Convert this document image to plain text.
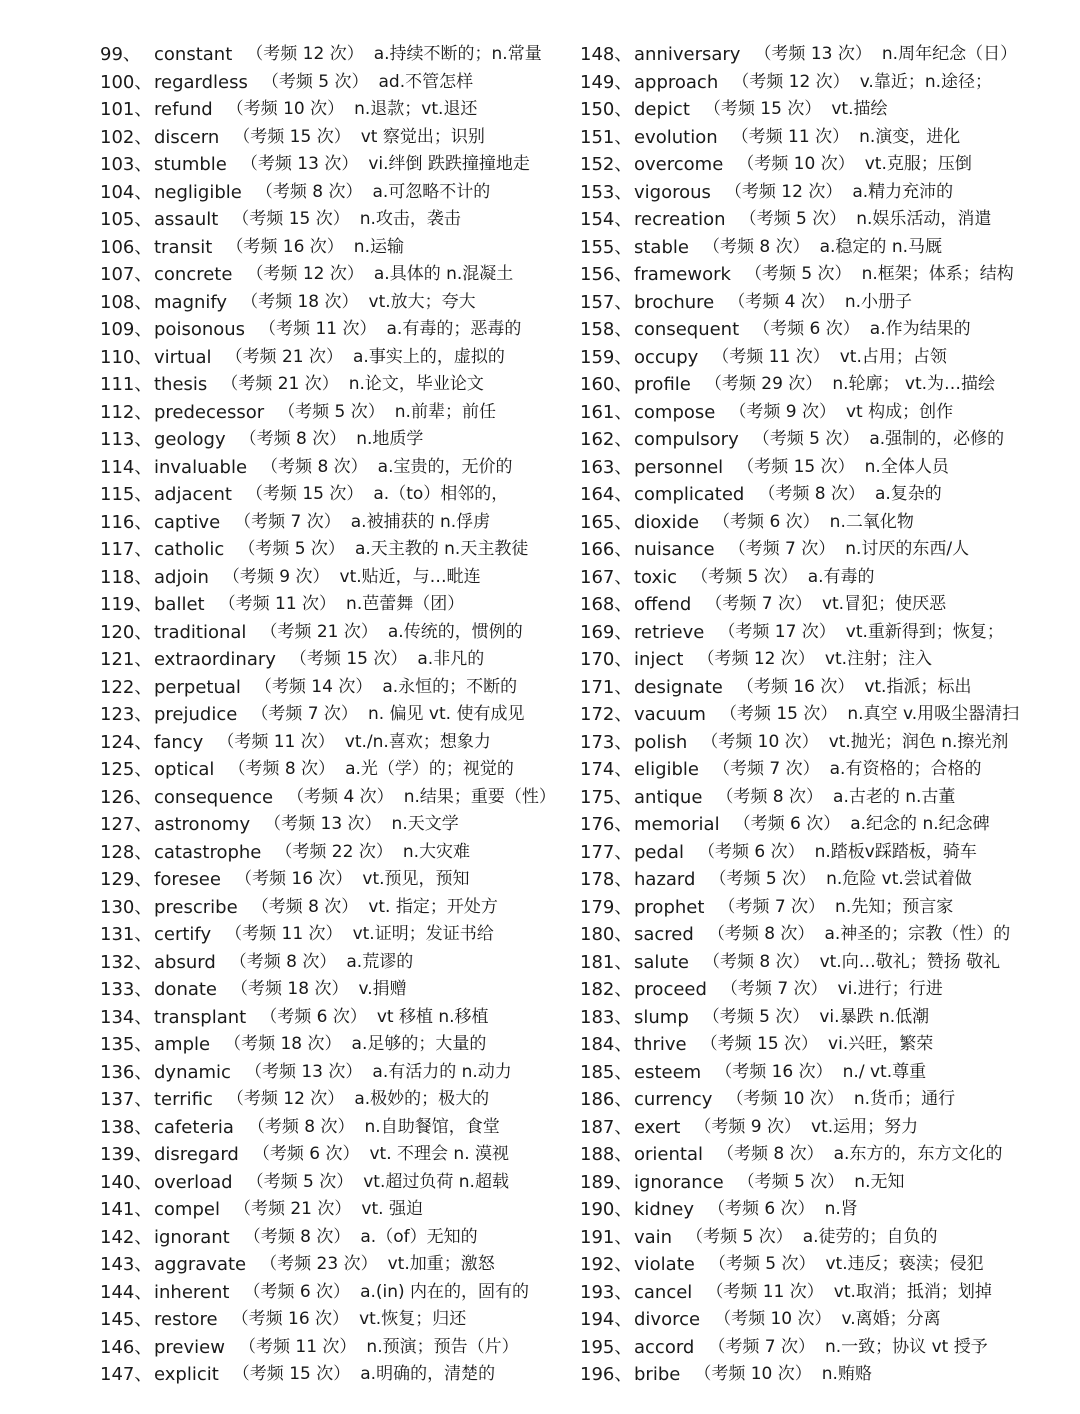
99、 constant （考频 12 次） a.持续不断的；n.常量
100、 regardless （考频 5 次） ad.不管怎样
101、 refund （考频 10 次） n.退款；vt.退还
102、 discern （考频 15 次） vt 察觉出；识别
103、 stumble （考频 13 次） vi.绊倒 跌跌撞撞地走
104、 negligible （考频 8 次） a.可忽略不计的
105、 assault （考频 15 次） n.攻击，袭击
106、 transit （考频 16 次） n.运输
107、 concrete （考频 12 次） a.具体的 n.混凝土
108、 magnify （考频 18 次） vt.放大；夸大
109、 poisonous （考频 11 次） a.有毒的；恶毒的
110、 virtual （考频 21 次） a.事实上的，虚拟的
111、 thesis （考频 21 次） n.论文，毕业论文
112、 predecessor （考频 5 次） n.前辈；前任
113、 geology （考频 8 次） n.地质学
114、 invaluable （考频 8 次） a.宝贵的，无价的
115、 adjacent （考频 15 次） a.（to）相邻的，
116、 captive （考频 7 次） a.被捕获的 n.俘虏
117、 catholic （考频 5 次） a.天主教的 n.天主教徒
118、 adjoin （考频 9 次） vt.贴近，与…毗连
119、 ballet （考频 11 次） n.芭蕾舞（团）
120、 traditional （考频 21 次） a.传统的，惯例的
121、 extraordinary （考频 15 次） a.非凡的
122、 perpetual （考频 14 次） a.永恒的；不断的
123、 prejudice （考频 7 次） n. 偏见 vt. 使有成见
124、 fancy （考频 11 次） vt./n.喜欢；想象力
125、 optical （考频 8 次） a.光（学）的；视觉的
126、 consequence （考频 4 次） n.结果；重要（性）
127、 astronomy （考频 13 次） n.天文学
128、 catastrophe （考频 22 次） n.大灾难
129、 foresee （考频 16 次） vt.预见，预知
130、 prescribe （考频 8 次） vt. 指定；开处方
131、 certify （考频 11 次） vt.证明；发证书给
132、 absurd （考频 8 次） a.荒谬的
133、 donate （考频 18 次） v.捐赠
134、 transplant （考频 6 次） vt 移植 n.移植
135、 ample （考频 18 次） a.足够的；大量的
136、 dynamic （考频 13 次） a.有活力的 n.动力
137、 terrific （考频 12 次） a.极妙的；极大的
138、 cafeteria （考频 8 次） n.自助餐馆，食堂
139、 disregard （考频 6 次） vt. 不理会 n. 漠视
140、 overload （考频 5 次） vt.超过负荷 n.超载
141、 compel （考频 21 次） vt. 强迫
142、 ignorant （考频 8 次） a.（of）无知的
143、 aggravate （考频 23 次） vt.加重；激怒
144、 inherent （考频 6 次） a.(in) 内在的，固有的
145、 restore （考频 16 次） vt.恢复；归还
146、 preview （考频 11 次） n.预演；预告（片）
147、 explicit （考频 15 次） a.明确的，清楚的
148、 anniversary （考频 13 次） n.周年纪念（日）
149、 approach （考频 12 次） v.靠近；n.途径；
150、 depict （考频 15 次） vt.描绘
151、 evolution （考频 11 次） n.演变，进化
152、 overcome （考频 10 次） vt.克服；压倒
153、 vigorous （考频 12 次） a.精力充沛的
154、 recreation （考频 5 次） n.娱乐活动，消遣
155、 stable （考频 8 次） a.稳定的 n.马厩
156、 framework （考频 5 次） n.框架；体系；结构
157、 brochure （考频 4 次） n.小册子
158、 consequent （考频 6 次） a.作为结果的
159、 occupy （考频 11 次） vt.占用；占领
160、 profile （考频 29 次） n.轮廓； vt.为…描绘
161、 compose （考频 9 次） vt 构成；创作
162、 compulsory （考频 5 次） a.强制的，必修的
163、 personnel （考频 15 次） n.全体人员
164、 complicated （考频 8 次） a.复杂的
165、 dioxide （考频 6 次） n.二氧化物
166、 nuisance （考频 7 次） n.讨厌的东西/人
167、 toxic （考频 5 次） a.有毒的
168、 offend （考频 7 次） vt.冒犯；使厌恶
169、 retrieve （考频 17 次） vt.重新得到；恢复；
170、 inject （考频 12 次） vt.注射；注入
171、 designate （考频 16 次） vt.指派；标出
172、 vacuum （考频 15 次） n.真空 v.用吸尘器清扫
173、 polish （考频 10 次） vt.抛光；润色 n.擦光剂
174、 eligible （考频 7 次） a.有资格的；合格的
175、 antique （考频 8 次） a.古老的 n.古董
176、 memorial （考频 6 次） a.纪念的 n.纪念碑
177、 pedal （考频 6 次） n.踏板v踩踏板，骑车
178、 hazard （考频 5 次） n.危险 vt.尝试着做
179、 prophet （考频 7 次） n.先知；预言家
180、 sacred （考频 8 次） a.神圣的；宗教（性）的
181、 salute （考频 8 次） vt.向…敬礼；赞扬 敬礼
182、 proceed （考频 7 次） vi.进行；行进
183、 slump （考频 5 次） vi.暴跌 n.低潮
184、 thrive （考频 15 次） vi.兴旺，繁荣
185、 esteem （考频 16 次） n./ vt.尊重
186、 currency （考频 10 次） n.货币；通行
187、 exert （考频 9 次） vt.运用；努力
188、 oriental （考频 8 次） a.东方的，东方文化的
189、 ignorance （考频 5 次） n.无知
190、 kidney （考频 6 次） n.肾
191、 vain （考频 5 次） a.徒劳的；自负的
192、 violate （考频 5 次） vt.违反；亵渎；侵犯
193、 cancel （考频 11 次） vt.取消；抵消；划掉
194、 divorce （考频 10 次） v.离婚；分离
195、 accord （考频 7 次） n.一致；协议 vt 授予
196、 bribe （考频 10 次） n.贿赂
